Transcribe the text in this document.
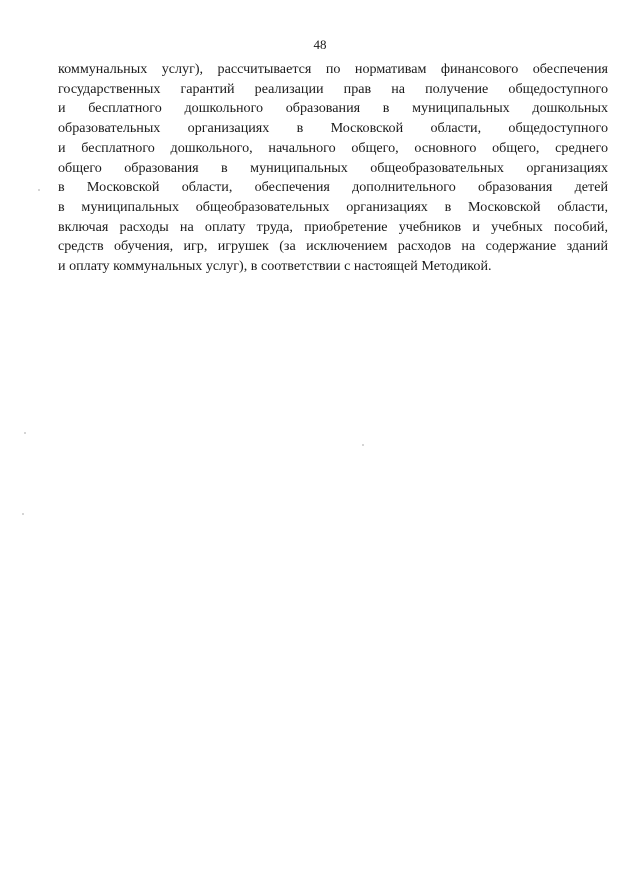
48
коммунальных услуг), рассчитывается по нормативам финансового обеспечения
государственных гарантий реализации прав на получение общедоступного
и бесплатного дошкольного образования в муниципальных дошкольных
образовательных организациях в Московской области, общедоступного
и бесплатного дошкольного, начального общего, основного общего, среднего
общего образования в муниципальных общеобразовательных организациях
в Московской области, обеспечения дополнительного образования детей
в муниципальных общеобразовательных организациях в Московской области,
включая расходы на оплату труда, приобретение учебников и учебных пособий,
средств обучения, игр, игрушек (за исключением расходов на содержание зданий
и оплату коммунальных услуг), в соответствии с настоящей Методикой.
